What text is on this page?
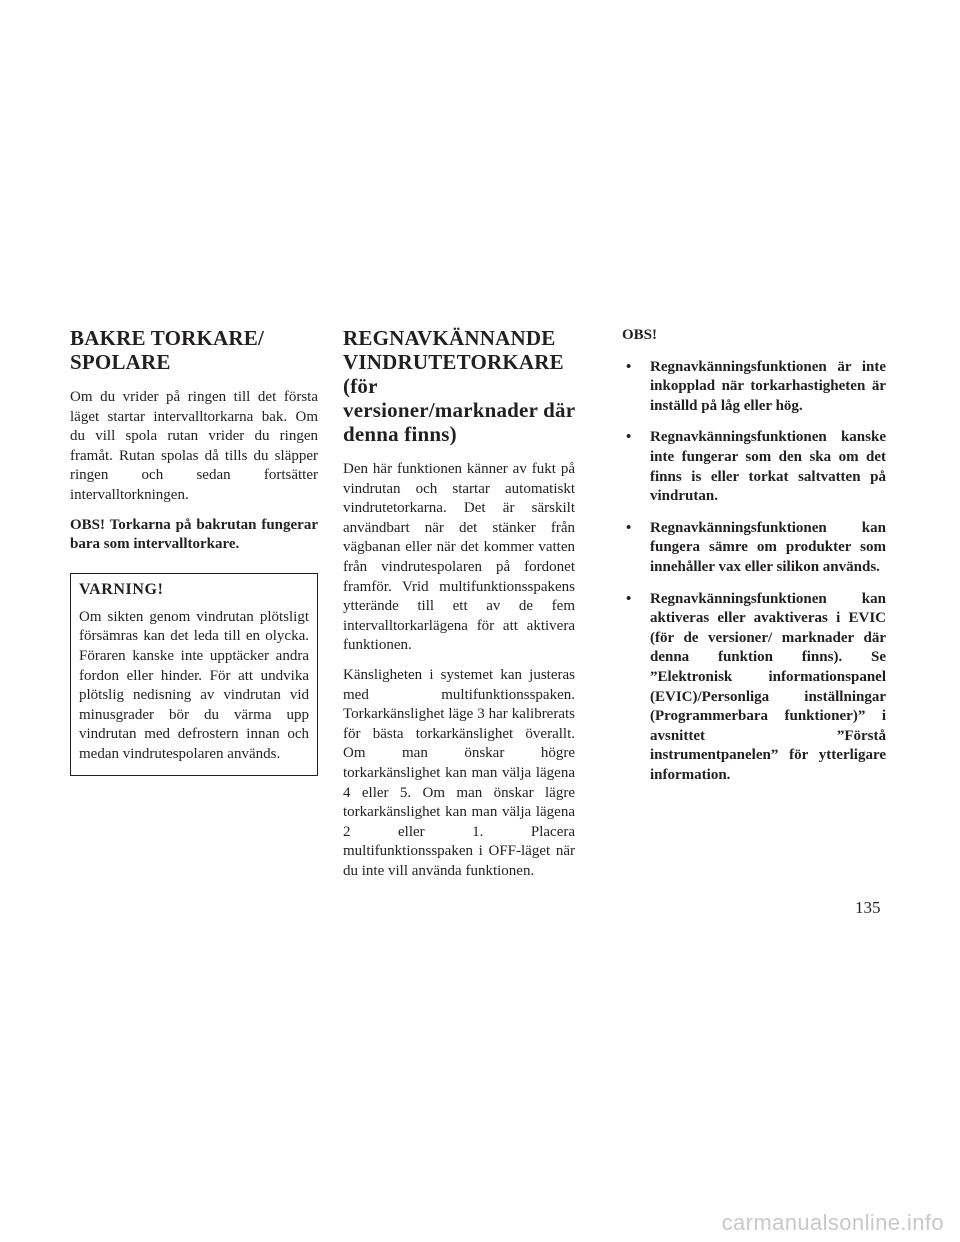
BAKRE TORKARE/ SPOLARE

Om du vrider på ringen till det första läget startar intervalltorkarna bak. Om du vill spola rutan vrider du ringen framåt. Rutan spolas då tills du släpper ringen och sedan fortsätter intervalltorkningen.

OBS! Torkarna på bakrutan fungerar bara som intervalltorkare.

VARNING!

Om sikten genom vindrutan plötsligt försämras kan det leda till en olycka. Föraren kanske inte upptäcker andra fordon eller hinder. För att undvika plötslig nedisning av vindrutan vid minusgrader bör du värma upp vindrutan med defrostern innan och medan vindrutespolaren används.

REGNAVKÄNNANDE VINDRUTETORKARE (för versioner/marknader där denna finns)

Den här funktionen känner av fukt på vindrutan och startar automatiskt vindrutetorkarna. Det är särskilt användbart när det stänker från vägbanan eller när det kommer vatten från vindrutespolaren på fordonet framför. Vrid multifunktionsspakens ytterände till ett av de fem intervalltorkarlägena för att aktivera funktionen.

Känsligheten i systemet kan justeras med multifunktionsspaken. Torkarkänslighet läge 3 har kalibrerats för bästa torkarkänslighet överallt. Om man önskar högre torkarkänslighet kan man välja lägena 4 eller 5. Om man önskar lägre torkarkänslighet kan man välja lägena 2 eller 1. Placera multifunktionsspaken i OFF-läget när du inte vill använda funktionen.

OBS!
• Regnavkänningsfunktionen är inte inkopplad när torkarhastigheten är inställd på låg eller hög.
• Regnavkänningsfunktionen kanske inte fungerar som den ska om det finns is eller torkat saltvatten på vindrutan.
• Regnavkänningsfunktionen kan fungera sämre om produkter som innehåller vax eller silikon används.
• Regnavkänningsfunktionen kan aktiveras eller avaktiveras i EVIC (för de versioner/ marknader där denna funktion finns). Se ”Elektronisk informationspanel (EVIC)/Personliga inställningar (Programmerbara funktioner)” i avsnittet ”Förstå instrumentpanelen” för ytterligare information.
135
carmanualsonline.info
